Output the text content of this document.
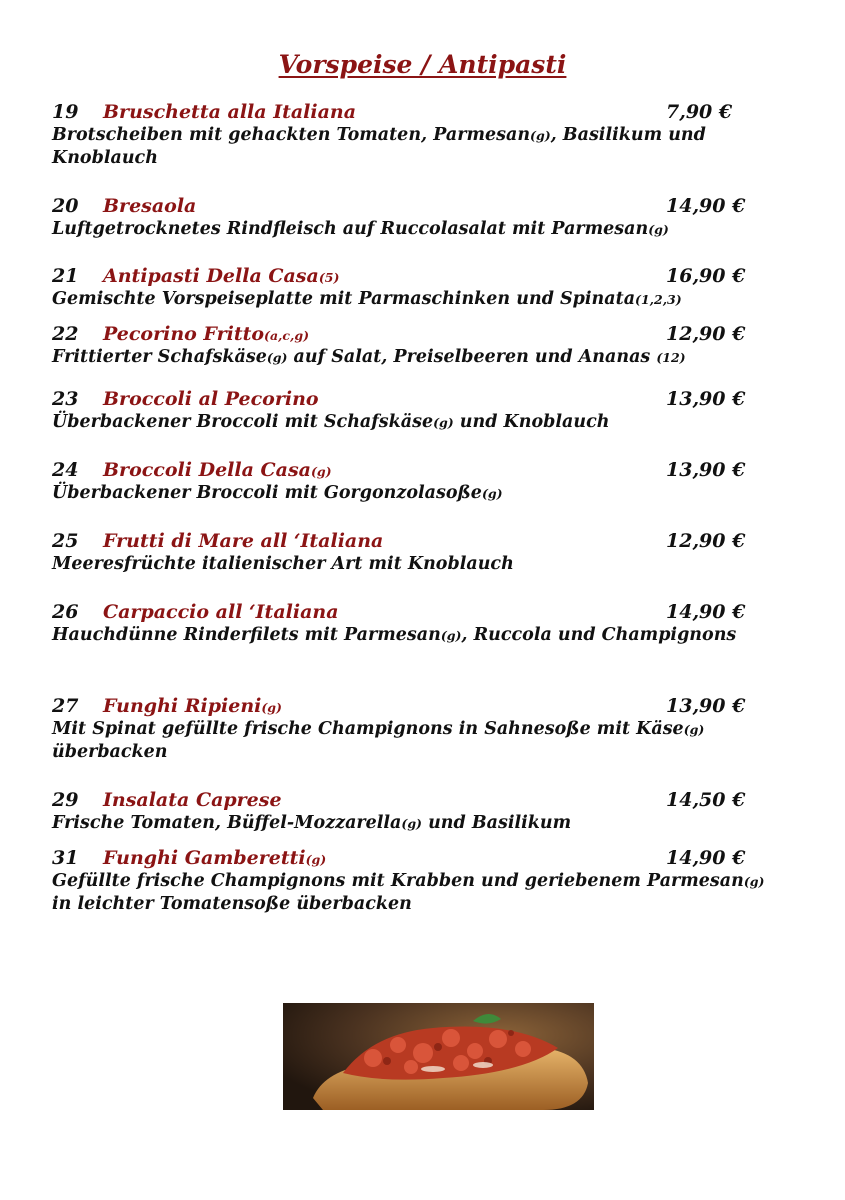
Vorspeise / Antipasti
19 Bruschetta alla Italiana	7,90 €
Brotscheiben mit gehackten Tomaten, Parmesan(g), Basilikum und Knoblauch
20 Bresaola	14,90 €
Luftgetrocknetes Rindfleisch auf Ruccolasalat mit Parmesan(g)
21 Antipasti Della Casa(5)	16,90 €
Gemischte Vorspeiseplatte mit Parmaschinken und Spinata(1,2,3)
22 Pecorino Fritto(a,c,g)	12,90 €
Frittierter Schafskäse(g) auf Salat, Preiselbeeren und Ananas (12)
23 Broccoli al Pecorino	13,90 €
Überbackener Broccoli mit Schafskäse(g) und Knoblauch
24 Broccoli Della Casa(g)	13,90 €
Überbackener Broccoli mit Gorgonzolasoße(g)
25 Frutti di Mare all ‘Italiana	12,90 €
Meeresfrüchte italienischer Art mit Knoblauch
26 Carpaccio all ‘Italiana	14,90 €
Hauchdünne Rinderfilets mit Parmesan(g), Ruccola und Champignons
27 Funghi Ripieni(g)	13,90 €
Mit Spinat gefüllte frische Champignons in Sahnesoße mit Käse(g) überbacken
29 Insalata Caprese	14,50 €
Frische Tomaten, Büffel-Mozzarella(g) und Basilikum
31 Funghi Gamberetti(g)	14,90 €
Gefüllte frische Champignons mit Krabben und geriebenem Parmesan(g) in leichter Tomatensoße überbacken
